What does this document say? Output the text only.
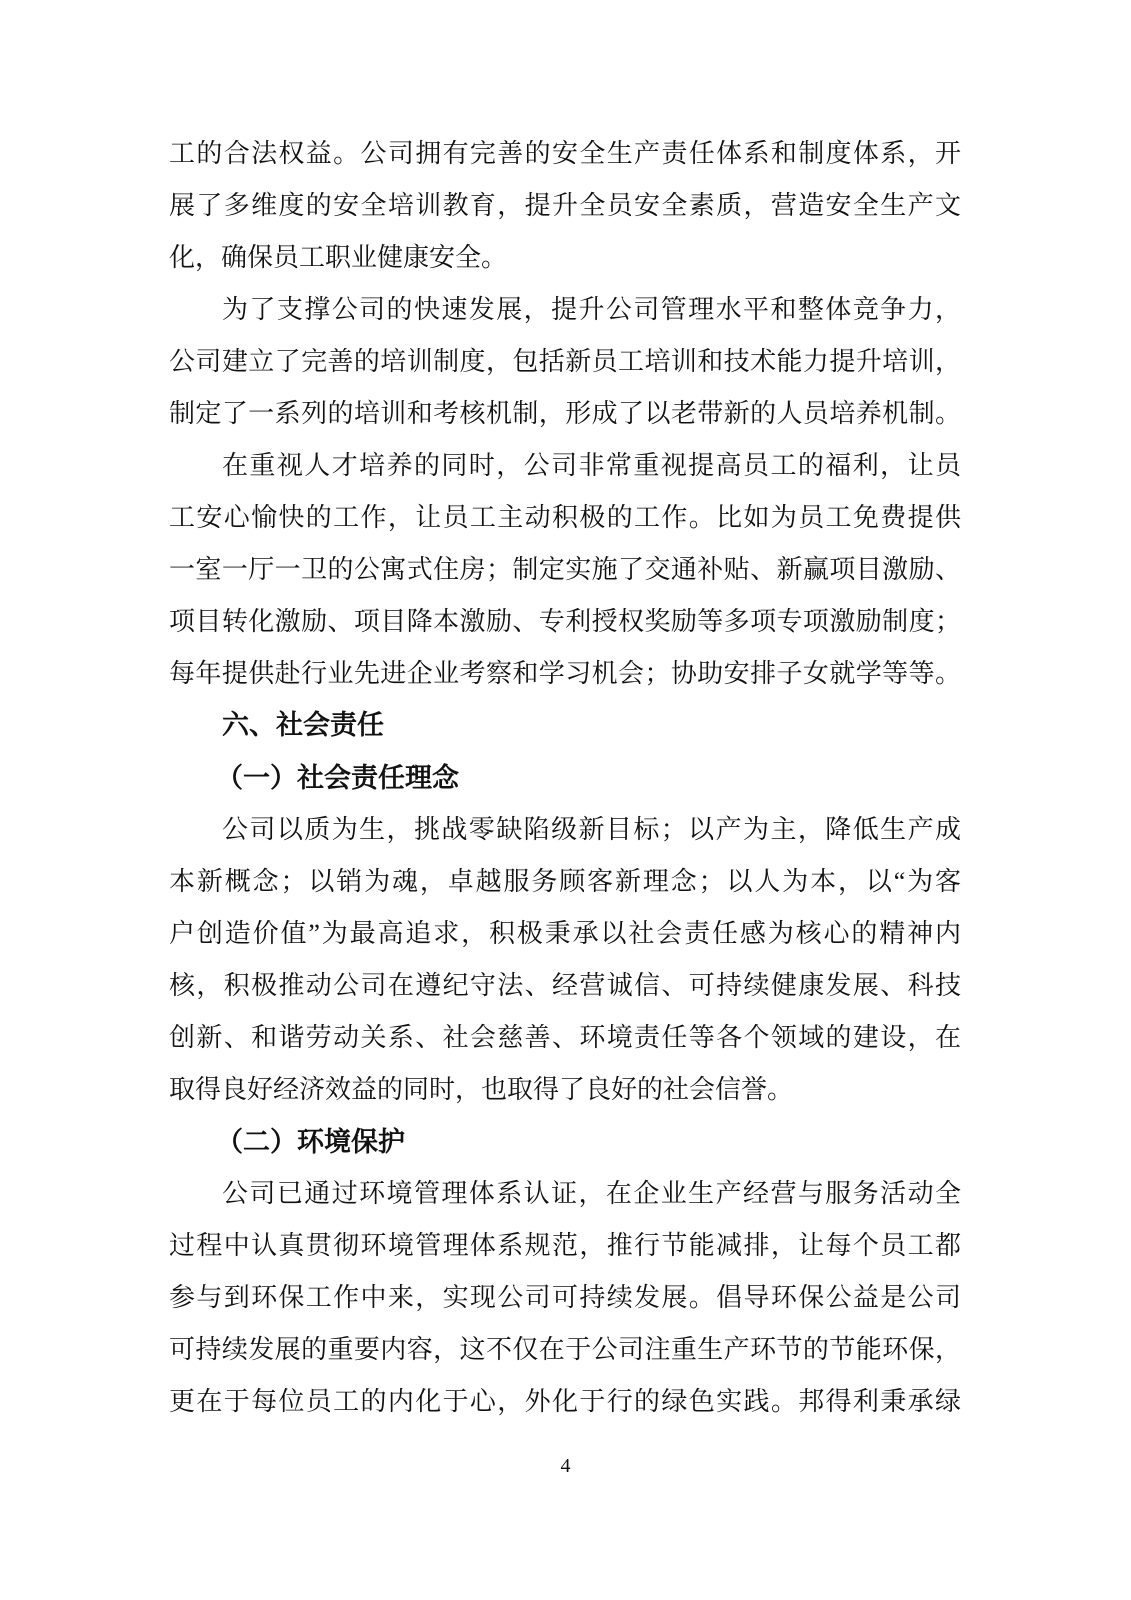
工的合法权益。公司拥有完善的安全生产责任体系和制度体系，开
展了多维度的安全培训教育，提升全员安全素质，营造安全生产文
化，确保员工职业健康安全。
为了支撑公司的快速发展，提升公司管理水平和整体竞争力，
公司建立了完善的培训制度，包括新员工培训和技术能力提升培训，
制定了一系列的培训和考核机制，形成了以老带新的人员培养机制。
在重视人才培养的同时，公司非常重视提高员工的福利，让员
工安心愉快的工作，让员工主动积极的工作。比如为员工免费提供
一室一厅一卫的公寓式住房；制定实施了交通补贴、新赢项目激励、
项目转化激励、项目降本激励、专利授权奖励等多项专项激励制度；
每年提供赴行业先进企业考察和学习机会；协助安排子女就学等等。
六、社会责任
（一）社会责任理念
公司以质为生，挑战零缺陷级新目标；以产为主，降低生产成
本新概念；以销为魂，卓越服务顾客新理念；以人为本，以“为客
户创造价值”为最高追求，积极秉承以社会责任感为核心的精神内
核，积极推动公司在遵纪守法、经营诚信、可持续健康发展、科技
创新、和谐劳动关系、社会慈善、环境责任等各个领域的建设，在
取得良好经济效益的同时，也取得了良好的社会信誉。
（二）环境保护
公司已通过环境管理体系认证，在企业生产经营与服务活动全
过程中认真贯彻环境管理体系规范，推行节能减排，让每个员工都
参与到环保工作中来，实现公司可持续发展。倡导环保公益是公司
可持续发展的重要内容，这不仅在于公司注重生产环节的节能环保，
更在于每位员工的内化于心，外化于行的绿色实践。邦得利秉承绿
4
